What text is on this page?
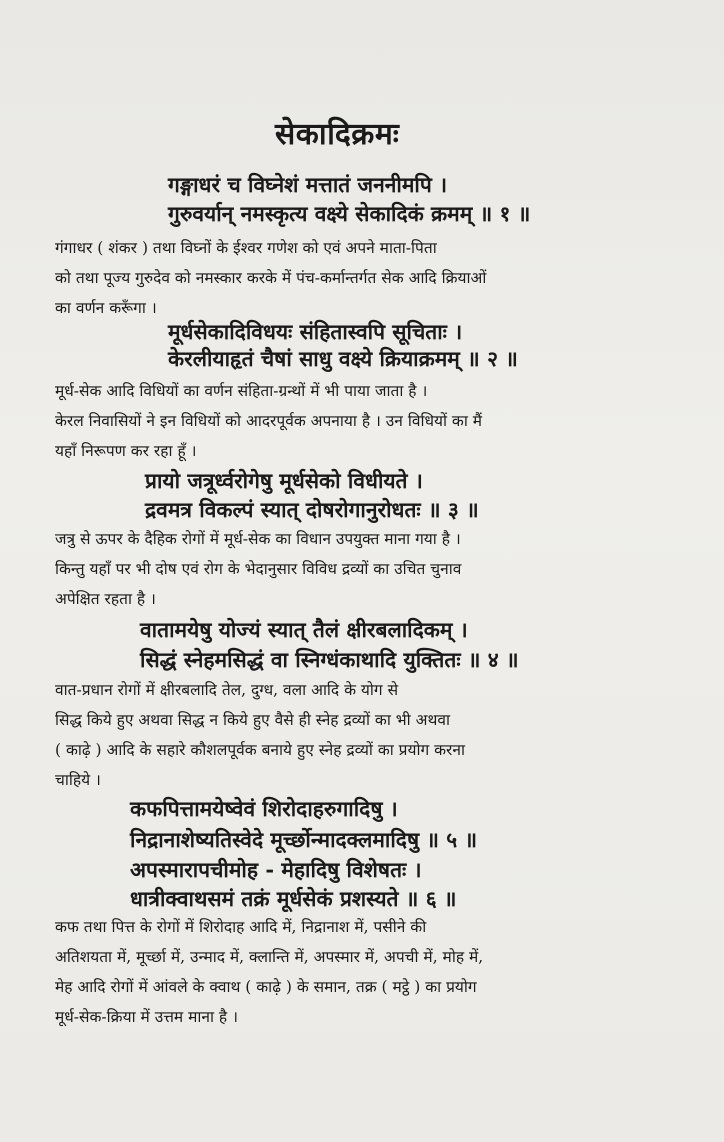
सेकादिक्रमः
गङ्गाधरं च विघ्नेशं मत्तातं जननीमपि ।
गुरुवर्यान् नमस्कृत्य वक्ष्ये सेकादिकं क्रमम् ॥ १ ॥
गंगाधर ( शंकर ) तथा विघ्नों के ईश्वर गणेश को एवं अपने माता-पिता
को तथा पूज्य गुरुदेव को नमस्कार करके में पंच-कर्मान्तर्गत सेक आदि क्रियाओं
का वर्णन करूँगा ।
मूर्धसेकादिविधयः संहितास्वपि सूचिताः ।
केरलीयाहृतं चैषां साधु वक्ष्ये क्रियाक्रमम् ॥ २ ॥
मूर्ध-सेक आदि विधियों का वर्णन संहिता-ग्रन्थों में भी पाया जाता है ।
केरल निवासियों ने इन विधियों को आदरपूर्वक अपनाया है । उन विधियों का मैं
यहाँ निरूपण कर रहा हूँ ।
प्रायो जत्रूर्ध्वरोगेषु मूर्धसेको विधीयते ।
द्रवमत्र विकल्पं स्यात् दोषरोगानुरोधतः ॥ ३ ॥
जत्रु से ऊपर के दैहिक रोगों में मूर्ध-सेक का विधान उपयुक्त माना गया है ।
किन्तु यहाँ पर भी दोष एवं रोग के भेदानुसार विविध द्रव्यों का उचित चुनाव
अपेक्षित रहता है ।
वातामयेषु योज्यं स्यात् तैलं क्षीरबलादिकम् ।
सिद्धं स्नेहमसिद्धं वा स्निग्धंकाथादि युक्तितः ॥ ४ ॥
वात-प्रधान रोगों में क्षीरबलादि तेल, दुग्ध, वला आदि के योग से
सिद्ध किये हुए अथवा सिद्ध न किये हुए वैसे ही स्नेह द्रव्यों का भी अथवा
( काढ़े ) आदि के सहारे कौशलपूर्वक बनाये हुए स्नेह द्रव्यों का प्रयोग करना
चाहिये ।
कफपित्तामयेष्वेवं शिरोदाहरुगादिषु ।
निद्रानाशेष्यतिस्वेदे मूर्च्छोन्मादक्लमादिषु ॥ ५ ॥
अपस्मारापचीमोह - मेहादिषु विशेषतः ।
धात्रीक्वाथसमं तक्रं मूर्धसेकं प्रशस्यते ॥ ६ ॥
कफ तथा पित्त के रोगों में शिरोदाह आदि में, निद्रानाश में, पसीने की
अतिशयता में, मूर्च्छा में, उन्माद में, क्लान्ति में, अपस्मार में, अपची में, मोह में,
मेह आदि रोगों में आंवले के क्वाथ ( काढ़े ) के समान, तक्र ( मट्ठे ) का प्रयोग
मूर्ध-सेक-क्रिया में उत्तम माना है ।
